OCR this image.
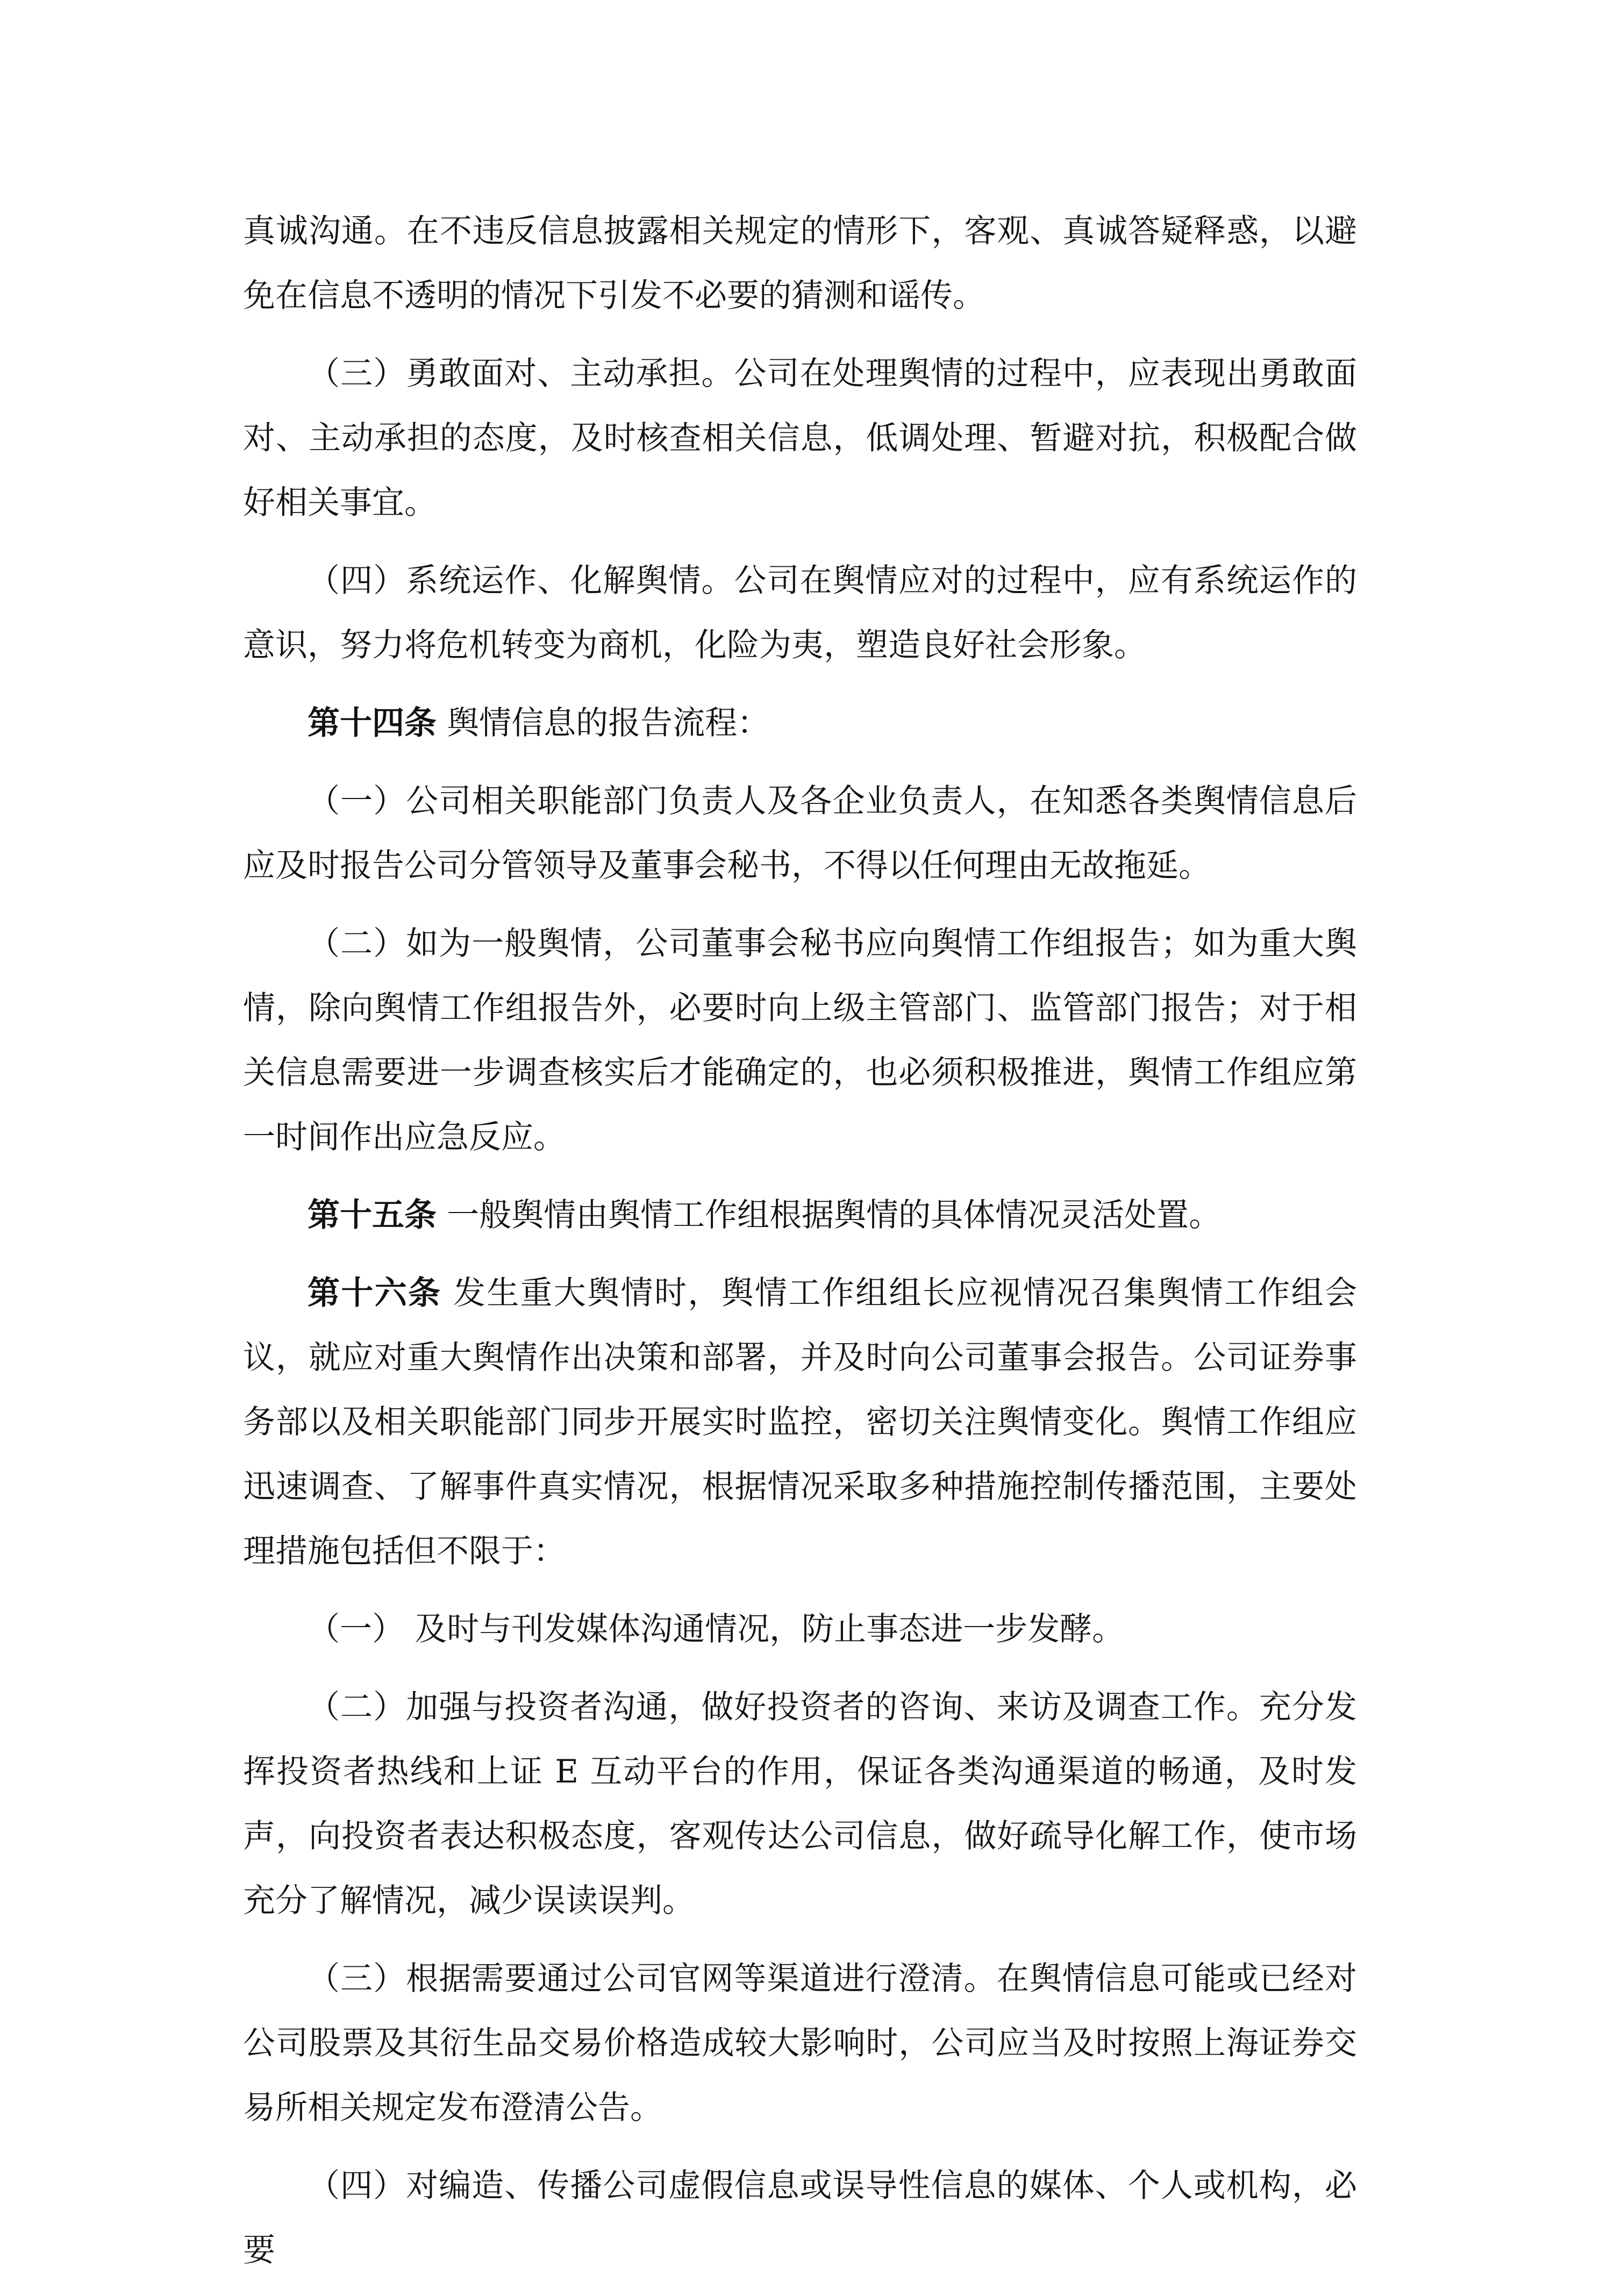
真诚沟通。在不违反信息披露相关规定的情形下，客观、真诚答疑释惑，以避免在信息不透明的情况下引发不必要的猜测和谣传。

（三）勇敢面对、主动承担。公司在处理舆情的过程中，应表现出勇敢面对、主动承担的态度，及时核查相关信息，低调处理、暂避对抗，积极配合做好相关事宜。

（四）系统运作、化解舆情。公司在舆情应对的过程中，应有系统运作的意识，努力将危机转变为商机，化险为夷，塑造良好社会形象。

第十四条 舆情信息的报告流程：

（一）公司相关职能部门负责人及各企业负责人，在知悉各类舆情信息后应及时报告公司分管领导及董事会秘书，不得以任何理由无故拖延。

（二）如为一般舆情，公司董事会秘书应向舆情工作组报告；如为重大舆情，除向舆情工作组报告外，必要时向上级主管部门、监管部门报告；对于相关信息需要进一步调查核实后才能确定的，也必须积极推进，舆情工作组应第一时间作出应急反应。

第十五条 一般舆情由舆情工作组根据舆情的具体情况灵活处置。

第十六条 发生重大舆情时，舆情工作组组长应视情况召集舆情工作组会议，就应对重大舆情作出决策和部署，并及时向公司董事会报告。公司证券事务部以及相关职能部门同步开展实时监控，密切关注舆情变化。舆情工作组应迅速调查、了解事件真实情况，根据情况采取多种措施控制传播范围，主要处理措施包括但不限于：

（一） 及时与刊发媒体沟通情况，防止事态进一步发酵。

（二）加强与投资者沟通，做好投资者的咨询、来访及调查工作。充分发挥投资者热线和上证 E 互动平台的作用，保证各类沟通渠道的畅通，及时发声，向投资者表达积极态度，客观传达公司信息，做好疏导化解工作，使市场充分了解情况，减少误读误判。

（三）根据需要通过公司官网等渠道进行澄清。在舆情信息可能或已经对公司股票及其衍生品交易价格造成较大影响时，公司应当及时按照上海证券交易所相关规定发布澄清公告。

（四）对编造、传播公司虚假信息或误导性信息的媒体、个人或机构，必要
